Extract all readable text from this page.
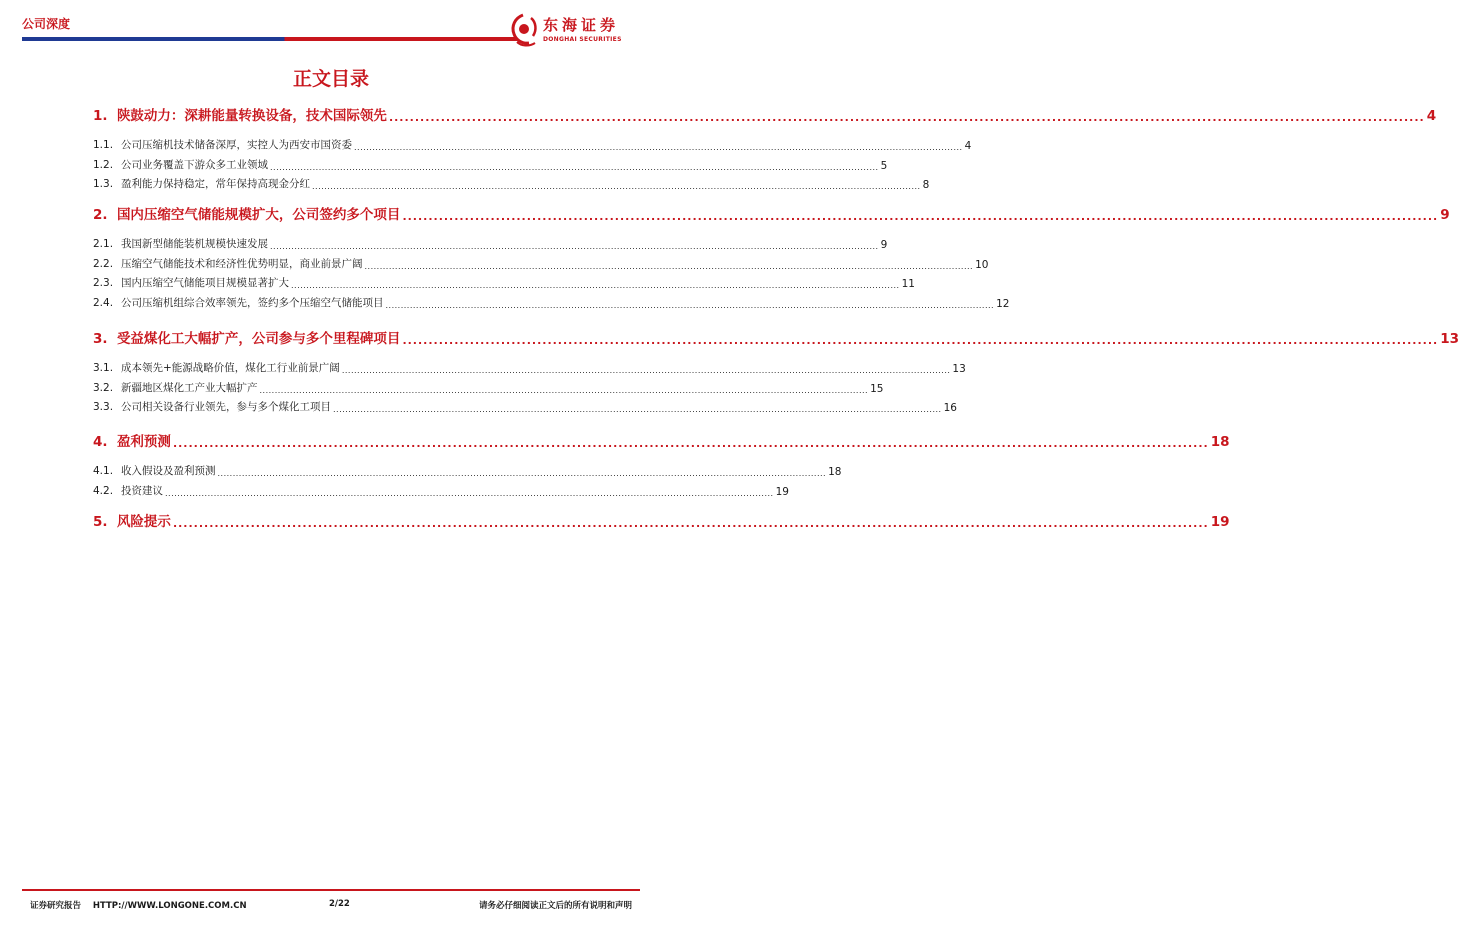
公司深度	东海证券
DONGHAI SECURITIES
正文目录
1. 陕鼓动力：深耕能量转换设备，技术国际领先 ........................................................................................................................................................................................................ 4
1.1. 公司压缩机技术储备深厚，实控人为西安市国资委 ........................................................................................................................................................................................................ 4
1.2. 公司业务覆盖下游众多工业领域 ........................................................................................................................................................................................................ 5
1.3. 盈利能力保持稳定，常年保持高现金分红 ........................................................................................................................................................................................................ 8
2. 国内压缩空气储能规模扩大，公司签约多个项目 ........................................................................................................................................................................................................ 9
2.1. 我国新型储能装机规模快速发展 ........................................................................................................................................................................................................ 9
2.2. 压缩空气储能技术和经济性优势明显，商业前景广阔 ........................................................................................................................................................................................................ 10
2.3. 国内压缩空气储能项目规模显著扩大 ........................................................................................................................................................................................................ 11
2.4. 公司压缩机组综合效率领先，签约多个压缩空气储能项目 ........................................................................................................................................................................................................ 12
3. 受益煤化工大幅扩产，公司参与多个里程碑项目 ........................................................................................................................................................................................................ 13
3.1. 成本领先+能源战略价值，煤化工行业前景广阔 ........................................................................................................................................................................................................ 13
3.2. 新疆地区煤化工产业大幅扩产 ........................................................................................................................................................................................................ 15
3.3. 公司相关设备行业领先，参与多个煤化工项目 ........................................................................................................................................................................................................ 16
4. 盈利预测 ........................................................................................................................................................................................................ 18
4.1. 收入假设及盈利预测 ........................................................................................................................................................................................................ 18
4.2. 投资建议 ........................................................................................................................................................................................................ 19
5. 风险提示 ........................................................................................................................................................................................................ 19
证券研究报告    HTTP://WWW.LONGONE.COM.CN	2/22	请务必仔细阅读正文后的所有说明和声明
